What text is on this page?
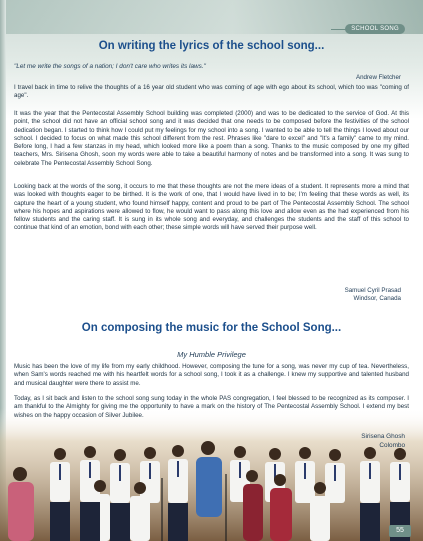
SCHOOL SONG
On writing the lyrics of the school song...
"Let me write the songs of a nation; I don't care who writes its laws."
Andrew Fletcher
I travel back in time to relive the thoughts of a 16 year old student who was coming of age with ego about its school, which too was "coming of age".
It was the year that the Pentecostal Assembly School building was completed (2000) and was to be dedicated to the service of God. At this point, the school did not have an official school song and it was decided that one needs to be composed before the festivities of the school dedication began. I started to think how I could put my feelings for my school into a song. I wanted to be able to tell the things I loved about our school. I decided to focus on what made this school different from the rest. Phrases like "dare to excel" and "It's a family" came to my mind. Before long, I had a few stanzas in my head, which looked more like a poem than a song. Thanks to the music composed by one my gifted teachers, Mrs. Sirisena Ghosh, soon my words were able to take a beautiful harmony of notes and be transformed into a song. It was sung to celebrate The Pentecostal Assembly School Song.
Looking back at the words of the song, it occurs to me that these thoughts are not the mere ideas of a student. It represents more a mind that was looked with thoughts eager to be birthed. It is the work of one, that I would have lived in to be; I'm feeling that these words as well, its capture the heart of a young student, who found himself happy, content and proud to be part of The Pentecostal Assembly School. The school where his hopes and aspirations were allowed to flow, he would want to pass along this love and allow even as the had experienced from his fellow students and the caring staff. It is sung in its whole song and everyday, and challenges the students and the staff of this school to continue that kind of an emotion, bond with each other; these simple words will have served their purpose well.
Samuel Cyril Prasad
Windsor, Canada
On composing the music for the School Song...
My Humble Privilege
Music has been the love of my life from my early childhood. However, composing the tune for a song, was never my cup of tea. Nevertheless, when Sam's words reached me with his heartfelt words for a school song, I took it as a challenge. I knew my supportive and talented husband and musical daughter were there to assist me.
Today, as I sit back and listen to the school song sung today in the whole PAS congregation, I feel blessed to be recognized as its composer. I am thankful to the Almighty for giving me the opportunity to have a mark on the history of The Pentecostal Assembly School. I extend my best wishes on the happy occasion of Silver Jubilee.
Sirisena Ghosh
Colombo
55
